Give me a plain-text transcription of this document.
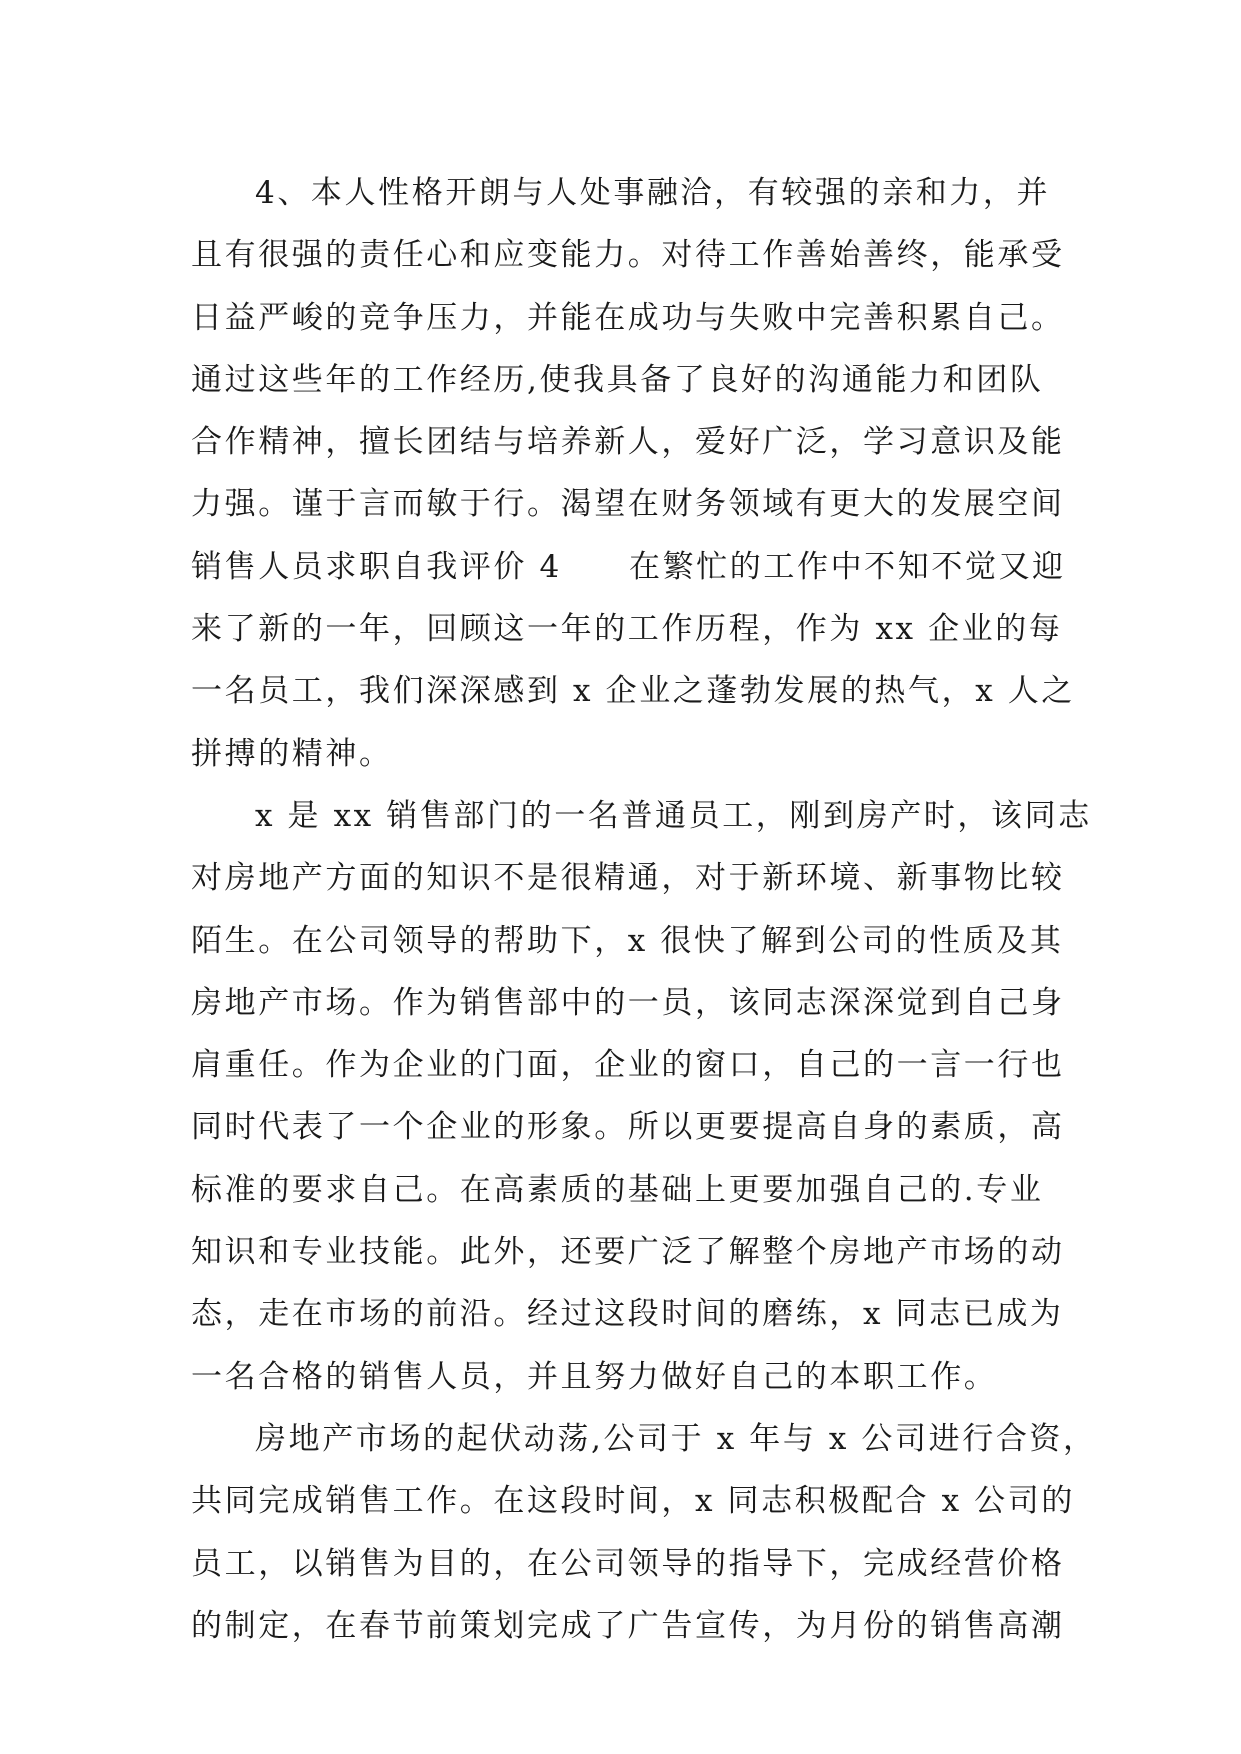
4、本人性格开朗与人处事融洽，有较强的亲和力，并
且有很强的责任心和应变能力。对待工作善始善终，能承受
日益严峻的竞争压力，并能在成功与失败中完善积累自己。
通过这些年的工作经历,使我具备了良好的沟通能力和团队
合作精神，擅长团结与培养新人，爱好广泛，学习意识及能
力强。谨于言而敏于行。渴望在财务领域有更大的发展空间
销售人员求职自我评价 4　　在繁忙的工作中不知不觉又迎
来了新的一年，回顾这一年的工作历程，作为 xx 企业的每
一名员工，我们深深感到 x 企业之蓬勃发展的热气，x 人之
拼搏的精神。
x 是 xx 销售部门的一名普通员工，刚到房产时，该同志
对房地产方面的知识不是很精通，对于新环境、新事物比较
陌生。在公司领导的帮助下，x 很快了解到公司的性质及其
房地产市场。作为销售部中的一员，该同志深深觉到自己身
肩重任。作为企业的门面，企业的窗口，自己的一言一行也
同时代表了一个企业的形象。所以更要提高自身的素质，高
标准的要求自己。在高素质的基础上更要加强自己的.专业
知识和专业技能。此外，还要广泛了解整个房地产市场的动
态，走在市场的前沿。经过这段时间的磨练，x 同志已成为
一名合格的销售人员，并且努力做好自己的本职工作。
房地产市场的起伏动荡,公司于 x 年与 x 公司进行合资，
共同完成销售工作。在这段时间，x 同志积极配合 x 公司的
员工，以销售为目的，在公司领导的指导下，完成经营价格
的制定，在春节前策划完成了广告宣传，为月份的销售高潮
